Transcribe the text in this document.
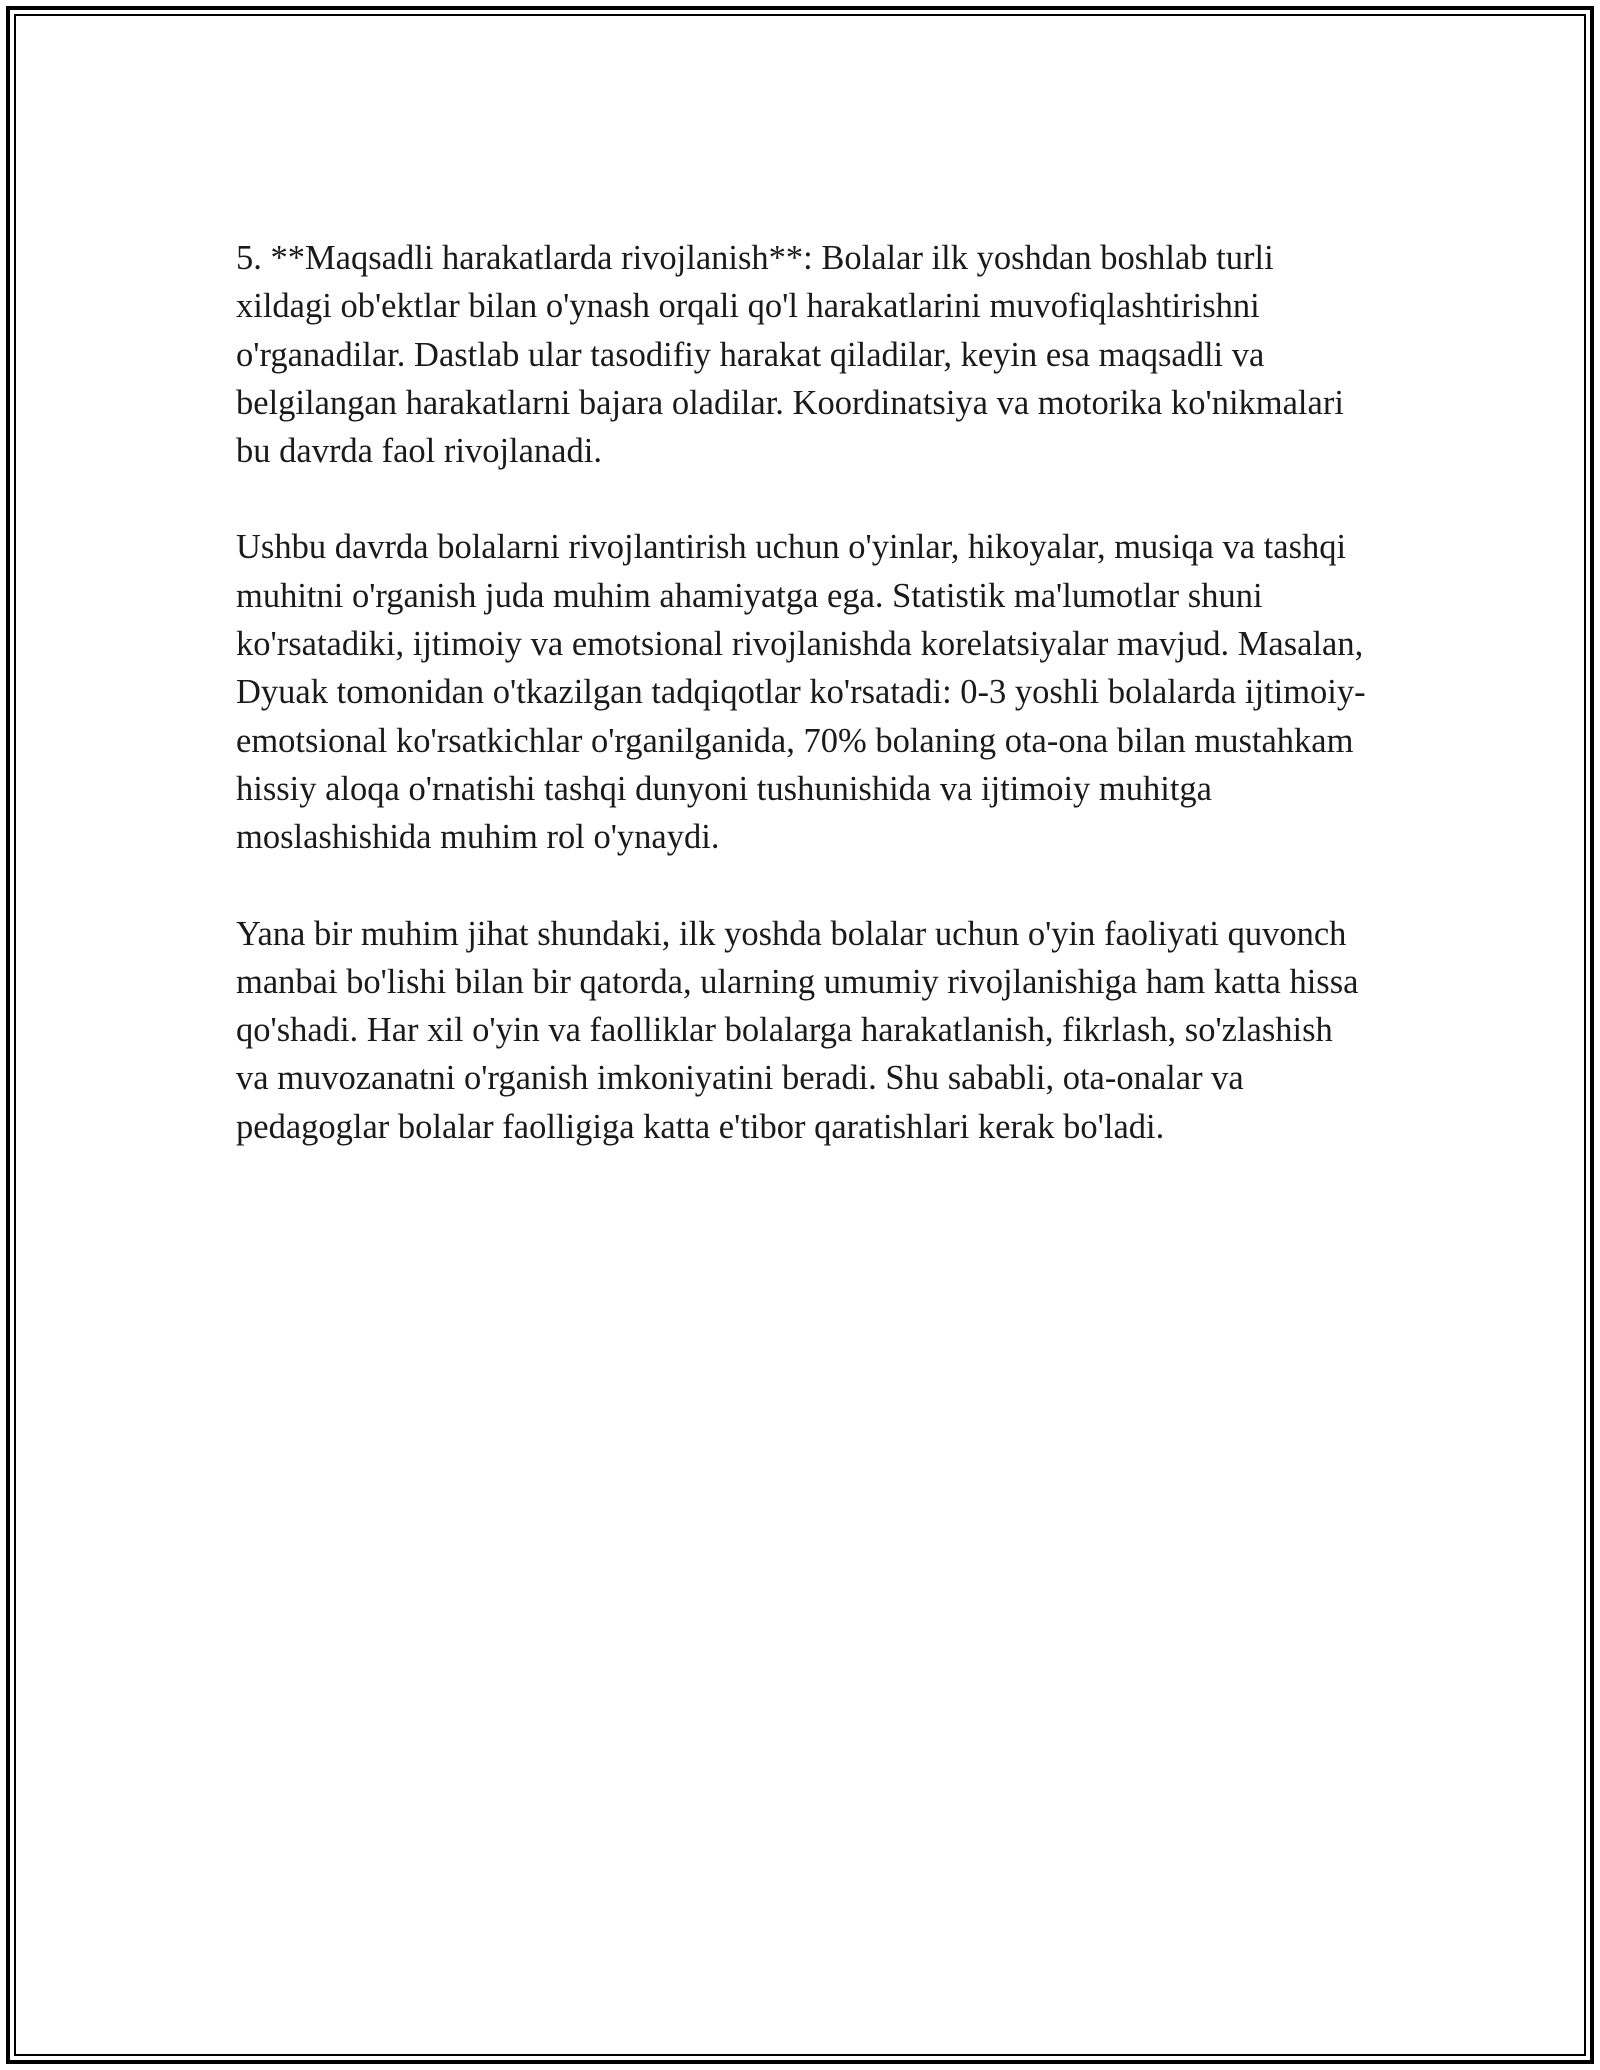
5. **Maqsadli harakatlarda rivojlanish**: Bolalar ilk yoshdan boshlab turli xildagi ob'ektlar bilan o'ynash orqali qo'l harakatlarini muvofiqlashtirishni o'rganadilar. Dastlab ular tasodifiy harakat qiladilar, keyin esa maqsadli va belgilangan harakatlarni bajara oladilar. Koordinatsiya va motorika ko'nikmalari bu davrda faol rivojlanadi.

Ushbu davrda bolalarni rivojlantirish uchun o'yinlar, hikoyalar, musiqa va tashqi muhitni o'rganish juda muhim ahamiyatga ega. Statistik ma'lumotlar shuni ko'rsatadiki, ijtimoiy va emotsional rivojlanishda korelatsiyalar mavjud. Masalan, Dyuak tomonidan o'tkazilgan tadqiqotlar ko'rsatadi: 0-3 yoshli bolalarda ijtimoiy-emotsional ko'rsatkichlar o'rganilganida, 70% bolaning ota-ona bilan mustahkam hissiy aloqa o'rnatishi tashqi dunyoni tushunishida va ijtimoiy muhitga moslashishida muhim rol o'ynaydi.

Yana bir muhim jihat shundaki, ilk yoshda bolalar uchun o'yin faoliyati quvonch manbai bo'lishi bilan bir qatorda, ularning umumiy rivojlanishiga ham katta hissa qo'shadi. Har xil o'yin va faolliklar bolalarga harakatlanish, fikrlash, so'zlashish va muvozanatni o'rganish imkoniyatini beradi. Shu sababli, ota-onalar va pedagoglar bolalar faolligiga katta e'tibor qaratishlari kerak bo'ladi.
